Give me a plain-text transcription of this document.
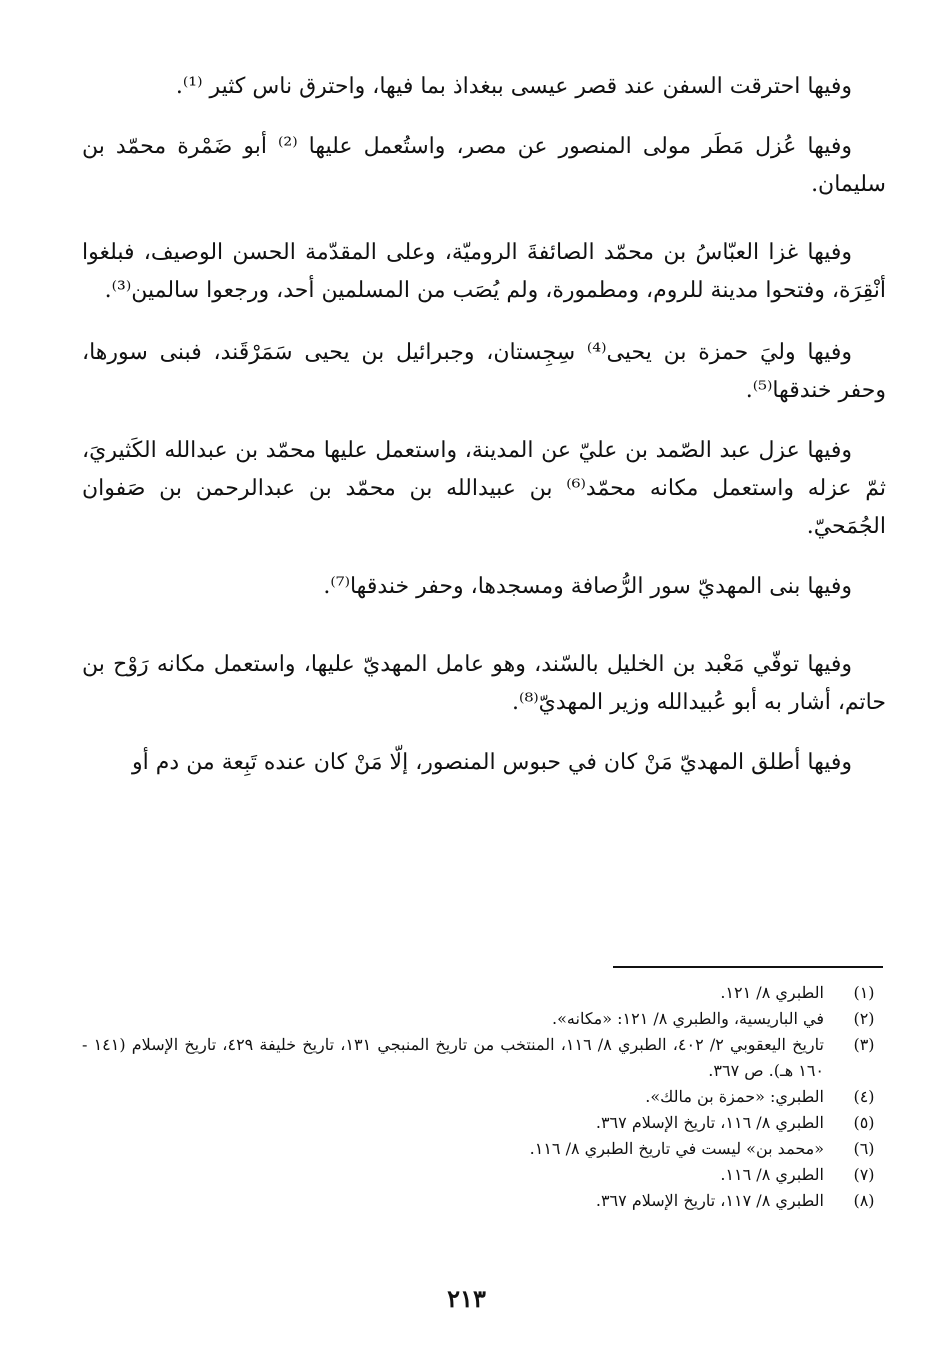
وفيها احترقت السفن عند قصر عيسى ببغداذ بما فيها، واحترق ناس كثير ⁽¹⁾.

وفيها عُزل مَطَر مولى المنصور عن مصر، واستُعمل عليها ⁽²⁾ أبو ضَمْرة محمّد بن سليمان.

وفيها غزا العبّاسُ بن محمّد الصائفةَ الروميّة، وعلى المقدّمة الحسن الوصيف، فبلغوا أنْقِرَة، وفتحوا مدينة للروم، ومطمورة، ولم يُصَب من المسلمين أحد، ورجعوا سالمين⁽³⁾.

وفيها وليَ حمزة بن يحيى⁽⁴⁾ سِجِستان، وجبرائيل بن يحيى سَمَرْقَند، فبنى سورها، وحفر خندقها⁽⁵⁾.

وفيها عزل عبد الصّمد بن عليّ عن المدينة، واستعمل عليها محمّد بن عبدالله الكَثيريَ، ثمّ عزله واستعمل مكانه محمّد⁽⁶⁾ بن عبيدالله بن محمّد بن عبدالرحمن بن صَفوان الجُمَحيّ.

وفيها بنى المهديّ سور الرُّصافة ومسجدها، وحفر خندقها⁽⁷⁾.

وفيها توفّي مَعْبد بن الخليل بالسّند، وهو عامل المهديّ عليها، واستعمل مكانه رَوْح بن حاتم، أشار به أبو عُبيدالله وزير المهديّ⁽⁸⁾.

وفيها أطلق المهديّ مَنْ كان في حبوس المنصور، إلّا مَنْ كان عنده تَبِعة من دم أو

(١)
الطبري ٨/ ١٢١.
(٢)
في الباريسية، والطبري ٨/ ١٢١: «مكانه».
(٣)
تاريخ اليعقوبي ٢/ ٤٠٢، الطبري ٨/ ١١٦، المنتخب من تاريخ المنبجي ١٣١، تاريخ خليفة ٤٢٩، تاريخ الإسلام (١٤١ - ١٦٠ هـ). ص ٣٦٧.
(٤)
الطبري: «حمزة بن مالك».
(٥)
الطبري ٨/ ١١٦، تاريخ الإسلام ٣٦٧.
(٦)
«محمد بن» ليست في تاريخ الطبري ٨/ ١١٦.
(٧)
الطبري ٨/ ١١٦.
(٨)
الطبري ٨/ ١١٧، تاريخ الإسلام ٣٦٧.
٢١٣
